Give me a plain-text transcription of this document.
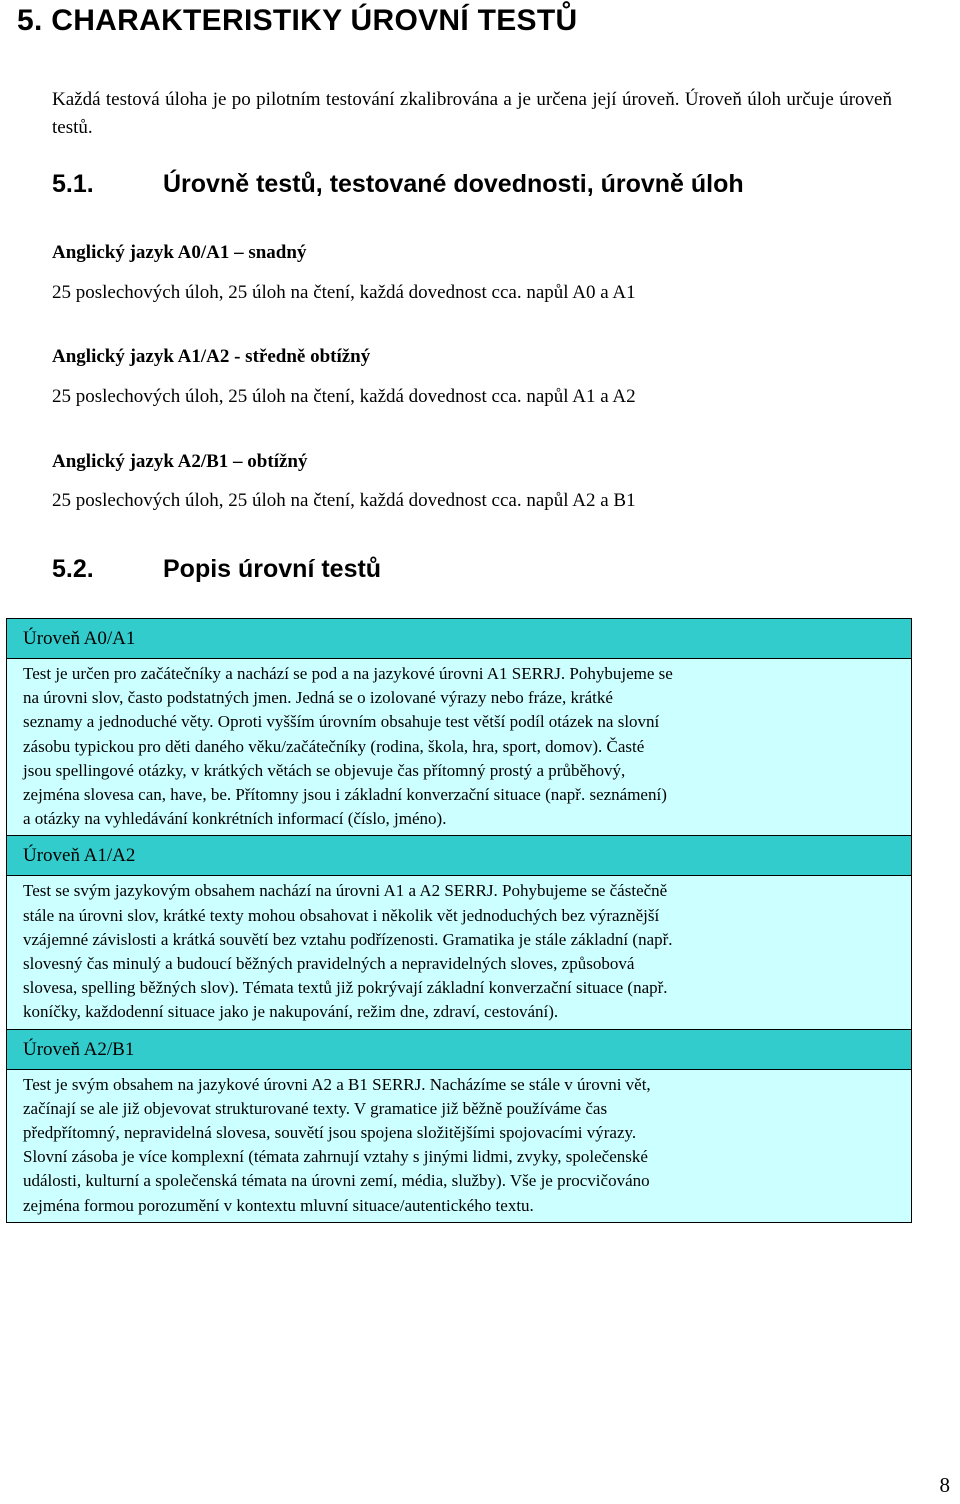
5. CHARAKTERISTIKY ÚROVNÍ TESTŮ

Každá testová úloha je po pilotním testování zkalibrována a je určena její úroveň. Úroveň úloh určuje úroveň testů.

5.1.	Úrovně testů, testované dovednosti, úrovně úloh
Anglický jazyk A0/A1 – snadný
25 poslechových úloh, 25 úloh na čtení, každá dovednost cca. napůl A0 a A1
Anglický jazyk A1/A2 - středně obtížný
25 poslechových úloh, 25 úloh na čtení, každá dovednost cca. napůl A1 a A2
Anglický jazyk A2/B1 – obtížný
25 poslechových úloh, 25 úloh na čtení, každá dovednost cca. napůl A2 a B1
5.2.	Popis úrovní testů
Úroveň A0/A1

Test je určen pro začátečníky a nachází se pod a na jazykové úrovni A1 SERRJ. Pohybujeme se

na úrovni slov, často podstatných jmen. Jedná se o izolované výrazy nebo fráze, krátké

seznamy a jednoduché věty. Oproti vyšším úrovním obsahuje test větší podíl otázek na slovní

zásobu typickou pro děti daného věku/začátečníky (rodina, škola, hra, sport, domov). Časté

jsou spellingové otázky, v krátkých větách se objevuje čas přítomný prostý a průběhový,

zejména slovesa can, have, be. Přítomny jsou i základní konverzační situace (např. seznámení)

a otázky na vyhledávání konkrétních informací (číslo, jméno).

Úroveň A1/A2

Test se svým jazykovým obsahem nachází na úrovni A1 a A2 SERRJ. Pohybujeme se částečně

stále na úrovni slov, krátké texty mohou obsahovat i několik vět jednoduchých bez výraznější

vzájemné závislosti a krátká souvětí bez vztahu podřízenosti. Gramatika je stále základní (např.

slovesný čas minulý a budoucí běžných pravidelných a nepravidelných sloves, způsobová

slovesa, spelling běžných slov). Témata textů již pokrývají základní konverzační situace (např.

koníčky, každodenní situace jako je nakupování, režim dne, zdraví, cestování).

Úroveň A2/B1

Test je svým obsahem na jazykové úrovni A2 a B1 SERRJ. Nacházíme se stále v úrovni vět,

začínají se ale již objevovat strukturované texty. V gramatice již běžně používáme čas

předpřítomný, nepravidelná slovesa, souvětí jsou spojena složitějšími spojovacími výrazy.

Slovní zásoba je více komplexní (témata zahrnují vztahy s jinými lidmi, zvyky, společenské

události, kulturní a společenská témata na úrovni zemí, média, služby). Vše je procvičováno

zejména formou porozumění v kontextu mluvní situace/autentického textu.

8
